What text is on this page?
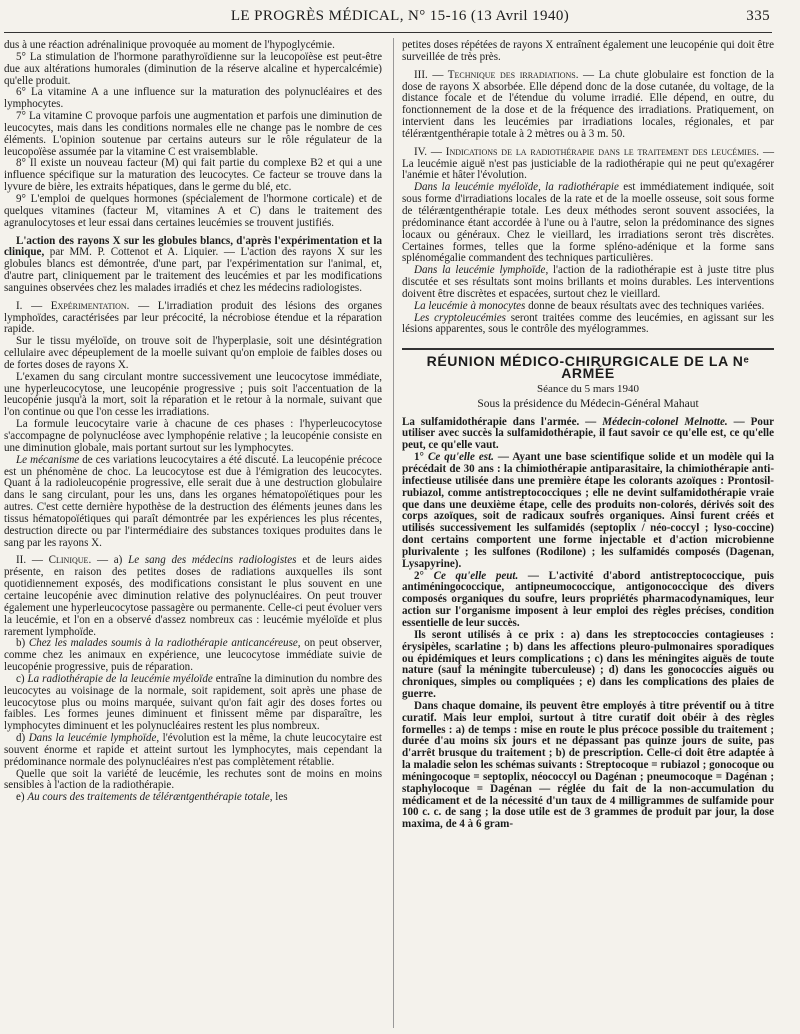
LE PROGRÈS MÉDICAL, N° 15-16 (13 Avril 1940)	335

dus à une réaction adrénalinique provoquée au moment de l'hypoglycémie.

5° La stimulation de l'hormone parathyroïdienne sur la leucopoïèse est peut-être due aux altérations humorales (diminution de la réserve alcaline et hypercalcémie) qu'elle produit.

6° La vitamine A a une influence sur la maturation des polynucléaires et des lymphocytes.

7° La vitamine C provoque parfois une augmentation et parfois une diminution de leucocytes, mais dans les conditions normales elle ne change pas le nombre de ces éléments. L'opinion soutenue par certains auteurs sur le rôle régulateur de la leucopoïèse assumée par la vitamine C est vraisemblable.

8° Il existe un nouveau facteur (M) qui fait partie du complexe B2 et qui a une influence spécifique sur la maturation des leucocytes. Ce facteur se trouve dans la lyvure de bière, les extraits hépatiques, dans le germe du blé, etc.

9° L'emploi de quelques hormones (spécialement de l'hormone corticale) et de quelques vitamines (facteur M, vitamines A et C) dans le traitement des agranulocytoses et leur essai dans certaines leucémies se trouvent justifiés.

L'action des rayons X sur les globules blancs, d'après l'expérimentation et la clinique, par MM. P. Cottenot et A. Liquier. — L'action des rayons X sur les globules blancs est démontrée, d'une part, par l'expérimentation sur l'animal, et, d'autre part, cliniquement par le traitement des leucémies et par les modifications sanguines observées chez les malades irradiés et chez les médecins radiologistes.

I. — Expérimentation. — L'irradiation produit des lésions des organes lymphoïdes, caractérisées par leur précocité, la nécrobiose étendue et la réparation rapide.

Sur le tissu myéloïde, on trouve soit de l'hyperplasie, soit une désintégration cellulaire avec dépeuplement de la moelle suivant qu'on emploie de faibles doses ou de fortes doses de rayons X.

L'examen du sang circulant montre successivement une leucocytose immédiate, une hyperleucocytose, une leucopénie progressive ; puis soit l'accentuation de la leucopénie jusqu'à la mort, soit la réparation et le retour à la normale, suivant que l'on continue ou que l'on cesse les irradiations.

La formule leucocytaire varie à chacune de ces phases : l'hyperleucocytose s'accompagne de polynucléose avec lymphopénie relative ; la leucopénie consiste en une diminution globale, mais portant surtout sur les lymphocytes.

Le mécanisme de ces variations leucocytaires a été discuté. La leucopénie précoce est un phénomène de choc. La leucocytose est due à l'émigration des leucocytes. Quant à la radioleucopénie progressive, elle serait due à une destruction globulaire dans le sang circulant, pour les uns, dans les organes hématopoïétiques pour les autres. C'est cette dernière hypothèse de la destruction des éléments jeunes dans les tissus hématopoïétiques qui paraît démontrée par les expériences les plus récentes, destruction directe ou par l'intermédiaire des substances toxiques produites dans le sang par les rayons X.

II. — Clinique. — a) Le sang des médecins radiologistes et de leurs aides présente, en raison des petites doses de radiations auxquelles ils sont quotidiennement exposés, des modifications consistant le plus souvent en une certaine leucopénie avec diminution relative des polynucléaires. On peut trouver également une hyperleucocytose passagère ou permanente. Celle-ci peut évoluer vers la leucémie, et l'on en a observé d'assez nombreux cas : leucémie myéloïde et plus rarement lymphoïde.

b) Chez les malades soumis à la radiothérapie anticancéreuse, on peut observer, comme chez les animaux en expérience, une leucocytose immédiate suivie de leucopénie progressive, puis de réparation.

c) La radiothérapie de la leucémie myéloïde entraîne la diminution du nombre des leucocytes au voisinage de la normale, soit rapidement, soit après une phase de leucocytose plus ou moins marquée, suivant qu'on fait agir des doses fortes ou faibles. Les formes jeunes diminuent et finissent même par disparaître, les lymphocytes diminuent et les polynucléaires restent les plus nombreux.

d) Dans la leucémie lymphoïde, l'évolution est la même, la chute leucocytaire est souvent énorme et rapide et atteint surtout les lymphocytes, mais cependant la prédominance normale des polynucléaires n'est pas complètement rétablie.

Quelle que soit la variété de leucémie, les rechutes sont de moins en moins sensibles à l'action de la radiothérapie.

e) Au cours des traitements de téléræntgenthérapie totale, les

petites doses répétées de rayons X entraînent également une leucopénie qui doit être surveillée de très près.

III. — Technique des irradiations. — La chute globulaire est fonction de la dose de rayons X absorbée. Elle dépend donc de la dose cutanée, du voltage, de la distance focale et de l'étendue du volume irradié. Elle dépend, en outre, du fonctionnement de la dose et de la fréquence des irradiations. Pratiquement, on intervient dans les leucémies par irradiations locales, régionales, et par téléræntgenthérapie totale à 2 mètres ou à 3 m. 50.

IV. — Indications de la radiothérapie dans le traitement des leucémies. — La leucémie aiguë n'est pas justiciable de la radiothérapie qui ne peut qu'exagérer l'anémie et hâter l'évolution.

Dans la leucémie myéloïde, la radiothérapie est immédiatement indiquée, soit sous forme d'irradiations locales de la rate et de la moelle osseuse, soit sous forme de téléræntgenthérapie totale. Les deux méthodes seront souvent associées, la prédominance étant accordée à l'une ou à l'autre, selon la prédominance des signes locaux ou généraux. Chez le vieillard, les irradiations seront très discrètes. Certaines formes, telles que la forme spléno-adénique et la forme sans splénomégalie commandent des techniques particulières.

Dans la leucémie lymphoïde, l'action de la radiothérapie est à juste titre plus discutée et ses résultats sont moins brillants et moins durables. Les interventions doivent être discrètes et espacées, surtout chez le vieillard.

La leucémie à monocytes donne de beaux résultats avec des techniques variées.

Les cryptoleucémies seront traitées comme des leucémies, en agissant sur les lésions apparentes, sous le contrôle des myélogrammes.

RÉUNION MÉDICO-CHIRURGICALE DE LA Nᵉ ARMÉE
Séance du 5 mars 1940
Sous la présidence du Médecin-Général Mahaut

La sulfamidothérapie dans l'armée. — Médecin-colonel Melnotte. — Pour utiliser avec succès la sulfamidothérapie, il faut savoir ce qu'elle est, ce qu'elle peut, ce qu'elle vaut.

1° Ce qu'elle est. — Ayant une base scientifique solide et un modèle qui la précédait de 30 ans : la chimiothérapie antiparasitaire, la chimiothérapie anti-infectieuse utilisée dans une première étape les colorants azoïques : Prontosil-rubiazol, comme antistreptococciques ; elle ne devint sulfamidothérapie vraie que dans une deuxième étape, celle des produits non-colorés, dérivés soit des corps azoïques, soit de radicaux soufrés organiques. Ainsi furent créés et utilisés successivement les sulfamidés (septoplix / néo-coccyl ; lyso-coccine) dont certains comportent une forme injectable et d'action microbienne plurivalente ; les sulfones (Rodilone) ; les sulfamidés composés (Dagenan, Lysapyrine).

2° Ce qu'elle peut. — L'activité d'abord antistreptococcique, puis antiméningococcique, antipneumococcique, antigonococcique des divers composés organiques du soufre, leurs propriétés pharmacodynamiques, leur action sur l'organisme imposent à leur emploi des règles précises, condition essentielle de leur succès.

Ils seront utilisés à ce prix : a) dans les streptococcies contagieuses : érysipèles, scarlatine ; b) dans les affections pleuro-pulmonaires sporadiques ou épidémiques et leurs complications ; c) dans les méningites aiguës de toute nature (sauf la méningite tuberculeuse) ; d) dans les gonococcies aiguës ou chroniques, simples ou compliquées ; e) dans les complications des plaies de guerre.

Dans chaque domaine, ils peuvent être employés à titre préventif ou à titre curatif. Mais leur emploi, surtout à titre curatif doit obéir à des règles formelles : a) de temps : mise en route le plus précoce possible du traitement ; durée d'au moins six jours et ne dépassant pas quinze jours de suite, pas d'arrêt brusque du traitement ; b) de prescription. Celle-ci doit être adaptée à la maladie selon les schémas suivants : Streptocoque = rubiazol ; gonocoque ou méningocoque = septoplix, néococcyl ou Dagénan ; pneumocoque = Dagénan ; staphylocoque = Dagénan — réglée du fait de la non-accumulation du médicament et de la nécessité d'un taux de 4 milligrammes de sulfamide pour 100 c. c. de sang ; la dose utile est de 3 grammes de produit par jour, la dose maxima, de 4 à 6 gram-
